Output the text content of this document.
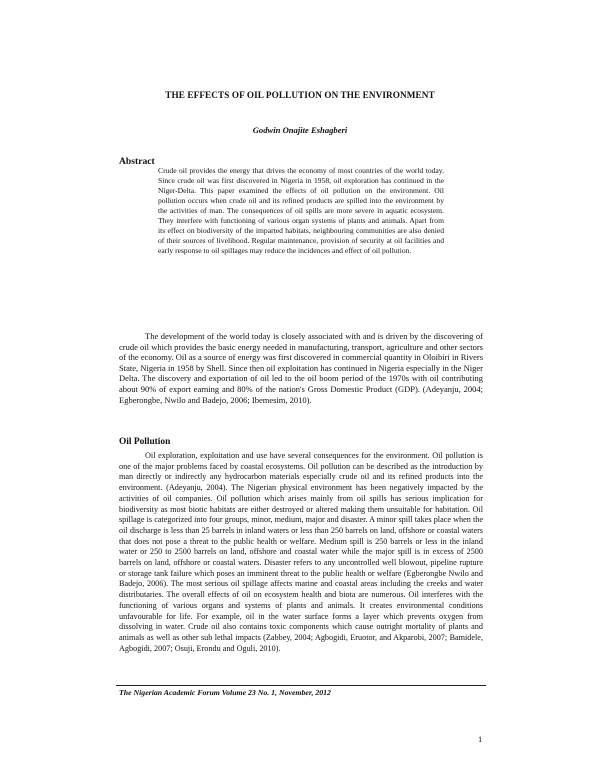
THE EFFECTS OF OIL POLLUTION ON THE ENVIRONMENT
Godwin Onajite Eshagberi
Abstract
Crude oil provides the energy that drives the economy of most countries of the world today. Since crude oil was first discovered in Nigeria in 1958, oil exploration has continued in the Niger-Delta. This paper examined the effects of oil pollution on the environment. Oil pollution occurs when crude oil and its refined products are spilled into the environment by the activities of man. The consequences of oil spills are more severe in aquatic ecosystem. They interfere with functioning of various organ systems of plants and animals. Apart from its effect on biodiversity of the imparted habitats, neighbouring communities are also denied of their sources of livelihood. Regular maintenance, provision of security at oil facilities and early response to oil spillages may reduce the incidences and effect of oil pollution.
The development of the world today is closely associated with and is driven by the discovering of crude oil which provides the basic energy needed in manufacturing, transport, agriculture and other sectors of the economy. Oil as a source of energy was first discovered in commercial quantity in Oloibiri in Rivers State, Nigeria in 1958 by Shell. Since then oil exploitation has continued in Nigeria especially in the Niger Delta. The discovery and exportation of oil led to the oil boom period of the 1970s with oil contributing about 90% of export earning and 80% of the nation's Gross Domestic Product (GDP). (Adeyanju, 2004; Egberongbe, Nwilo and Badejo, 2006; Ibemesim, 2010).
Oil Pollution
Oil exploration, exploitation and use have several consequences for the environment. Oil pollution is one of the major problems faced by coastal ecosystems. Oil pollution can be described as the introduction by man directly or indirectly any hydrocarbon materials especially crude oil and its refined products into the environment. (Adeyanju, 2004). The Nigerian physical environment has been negatively impacted by the activities of oil companies. Oil pollution which arises mainly from oil spills has serious implication for biodiversity as most biotic habitats are either destroyed or altered making them unsuitable for habitation. Oil spillage is categorized into four groups, minor, medium, major and disaster. A minor spill takes place when the oil discharge is less than 25 barrels in inland waters or less than 250 barrels on land, offshore or coastal waters that does not pose a threat to the public health or welfare. Medium spill is 250 barrels or less in the inland water or 250 to 2500 barrels on land, offshore and coastal water while the major spill is in excess of 2500 barrels on land, offshore or coastal waters. Disaster refers to any uncontrolled well blowout, pipeline rupture or storage tank failure which poses an imminent threat to the public health or welfare (Egberongbe Nwilo and Badejo, 2006). The most serious oil spillage affects marine and coastal areas including the creeks and water distributaries. The overall effects of oil on ecosystem health and biota are numerous. Oil interferes with the functioning of various organs and systems of plants and animals. It creates environmental conditions unfavourable for life. For example, oil in the water surface forms a layer which prevents oxygen from dissolving in water. Crude oil also contains toxic components which cause outright mortality of plants and animals as well as other sub lethal impacts (Zabbey, 2004; Agbogidi, Eruotor, and Akparobi, 2007; Bamidele, Agbogidi, 2007; Osuji, Erondu and Oguli, 2010).
The Nigerian Academic Forum Volume 23 No. 1, November, 2012
1
